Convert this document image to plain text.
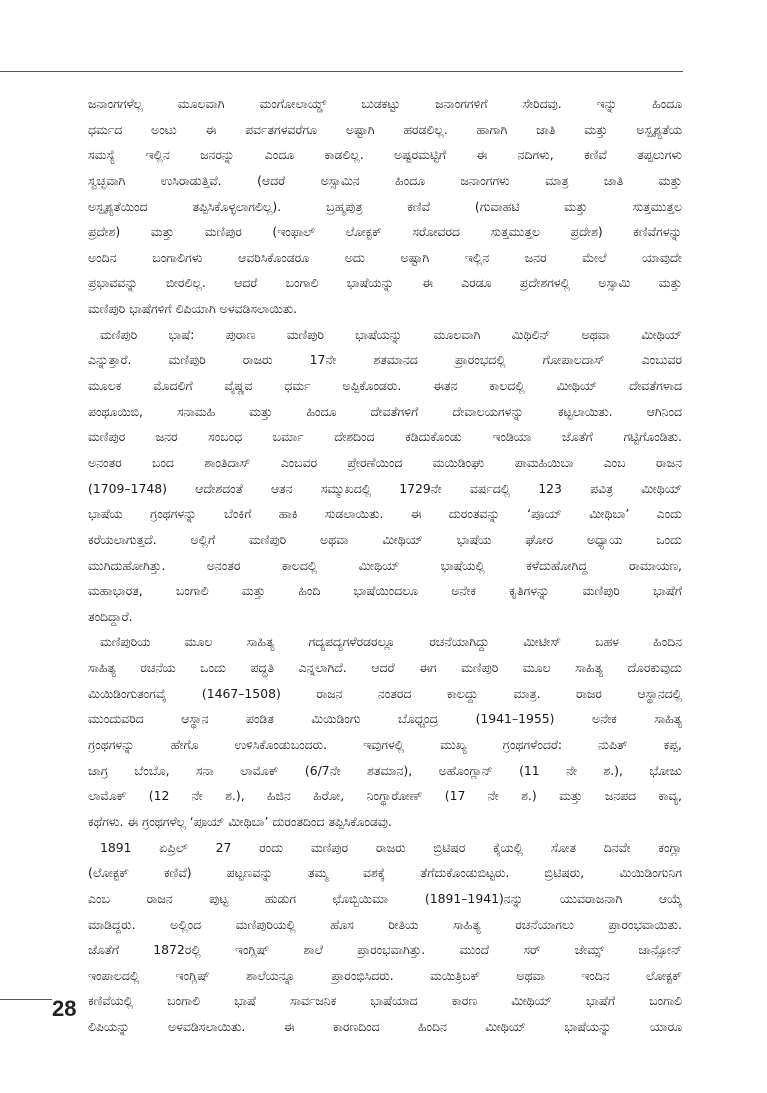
ಜನಾಂಗಗಳೆಲ್ಲ ಮೂಲವಾಗಿ ಮಂಗೋಲಾಯ್ಡ್ ಬುಡಕಟ್ಟು ಜನಾಂಗಗಳಿಗೆ ಸೇರಿದವು. ಇನ್ನು ಹಿಂದೂ
ಧರ್ಮದ ಅಂಟು ಈ ಪರ್ವತಗಳವರೆಗೂ ಅಷ್ಟಾಗಿ ಹರಡಲಿಲ್ಲ. ಹಾಗಾಗಿ ಜಾತಿ ಮತ್ತು ಅಸ್ಪೃಶ್ಯತೆಯ
ಸಮಸ್ಯೆ ಇಲ್ಲಿನ ಜನರನ್ನು ಎಂದೂ ಕಾಡಲಿಲ್ಲ. ಅಷ್ಟರಮಟ್ಟಿಗೆ ಈ ನದಿಗಳು, ಕಣಿವೆ ತಪ್ಪಲುಗಳು
ಸ್ವಚ್ಛವಾಗಿ ಉಸಿರಾಡುತ್ತಿವೆ. (ಆದರೆ ಅಸ್ಸಾಮಿನ ಹಿಂದೂ ಜನಾಂಗಗಳು ಮಾತ್ರ ಜಾತಿ ಮತ್ತು
ಅಸ್ಪೃಶ್ಯತೆಯಿಂದ ತಪ್ಪಿಸಿಕೊಳ್ಳಲಾಗಲಿಲ್ಲ). ಬ್ರಹ್ಮಪುತ್ರ ಕಣಿವೆ (ಗುವಾಹಟಿ ಮತ್ತು ಸುತ್ತಮುತ್ತಲ
ಪ್ರದೇಶ) ಮತ್ತು ಮಣಿಪುರ (ಇಂಫಾಲ್ ಲೋಕ್ಟಕ್ ಸರೋವರದ ಸುತ್ತಮುತ್ತಲ ಪ್ರದೇಶ) ಕಣಿವೆಗಳನ್ನು
ಅಂದಿನ ಬಂಗಾಲಿಗಳು ಆವರಿಸಿಕೊಂಡರೂ ಅದು ಅಷ್ಟಾಗಿ ಇಲ್ಲಿನ ಜನರ ಮೇಲೆ ಯಾವುದೇ
ಪ್ರಭಾವವನ್ನು ಬೀರಲಿಲ್ಲ. ಆದರೆ ಬಂಗಾಲಿ ಭಾಷೆಯನ್ನು ಈ ಎರಡೂ ಪ್ರದೇಶಗಳಲ್ಲಿ ಅಸ್ಸಾಮಿ ಮತ್ತು
ಮಣಿಪುರಿ ಭಾಷೆಗಳಿಗೆ ಲಿಪಿಯಾಗಿ ಅಳವಡಿಸಲಾಯಿತು.
ಮಣಿಪುರಿ ಭಾಷೆ: ಪುರಾಣ ಮಣಿಪುರಿ ಭಾಷೆಯನ್ನು ಮೂಲವಾಗಿ ಮಿಥಿಲಿನ್ ಅಥವಾ ಮೀಥಿಯ್
ಎನ್ನುತ್ತಾರೆ. ಮಣಿಪುರಿ ರಾಜರು 17ನೇ ಶತಮಾನದ ಪ್ರಾರಂಭದಲ್ಲಿ ಗೋಪಾಲದಾಸ್ ಎಂಬುವರ
ಮೂಲಕ ಮೊದಲಿಗೆ ವೈಷ್ಣವ ಧರ್ಮ ಅಪ್ಪಿಕೊಂಡರು. ಈತನ ಕಾಲದಲ್ಲಿ ಮೀಥಿಯ್ ದೇವತೆಗಳಾದ
ಪಂಥೂಯಿಬಿ, ಸನಾಮಹಿ ಮತ್ತು ಹಿಂದೂ ದೇವತೆಗಳಿಗೆ ದೇವಾಲಯಗಳನ್ನು ಕಟ್ಟಲಾಯಿತು. ಆಗಿನಿಂದ
ಮಣಿಪುರ ಜನರ ಸಂಬಂಧ ಬರ್ಮಾ ದೇಶದಿಂದ ಕಡಿದುಕೊಂಡು ಇಂಡಿಯಾ ಜೊತೆಗೆ ಗಟ್ಟಿಗೊಂಡಿತು.
ಅನಂತರ ಬಂದ ಶಾಂತಿದಾಸ್ ಎಂಬವರ ಪ್ರೇರಣೆಯಿಂದ ಮಯಿಡಿಂಘು ಪಾಮಹಿಯಿಬಾ ಎಂಬ ರಾಜನ
(1709–1748) ಆದೇಶದಂತೆ ಆತನ ಸಮ್ಮುಖದಲ್ಲಿ 1729ನೇ ವರ್ಷದಲ್ಲಿ 123 ಪವಿತ್ರ ಮೀಥಿಯ್
ಭಾಷೆಯ ಗ್ರಂಥಗಳನ್ನು ಬೆಂಕಿಗೆ ಹಾಕಿ ಸುಡಲಾಯಿತು. ಈ ದುರಂತವನ್ನು ‘ಪೂಯ್ ಮೀಥಿಬಾ’ ಎಂದು
ಕರೆಯಲಾಗುತ್ತದೆ. ಅಲ್ಲಿಗೆ ಮಣಿಪುರಿ ಅಥವಾ ಮೀಥಿಯ್ ಭಾಷೆಯ ಘೋರ ಅಧ್ಯಾಯ ಒಂದು
ಮುಗಿದುಹೋಗಿತ್ತು. ಅನಂತರ ಕಾಲದಲ್ಲಿ ಮೀಥಿಯ್ ಭಾಷೆಯಲ್ಲಿ ಕಳೆದುಹೋಗಿದ್ದ ರಾಮಾಯಣ,
ಮಹಾಭಾರತ, ಬಂಗಾಲಿ ಮತ್ತು ಹಿಂದಿ ಭಾಷೆಯಿಂದಲೂ ಅನೇಕ ಕೃತಿಗಳನ್ನು ಮಣಿಪುರಿ ಭಾಷೆಗೆ
ತಂದಿದ್ದಾರೆ.
ಮಣಿಪುರಿಯ ಮೂಲ ಸಾಹಿತ್ಯ ಗದ್ಯಪದ್ಯಗಳೆರಡರಲ್ಲೂ ರಚನೆಯಾಗಿದ್ದು ಮೀಟೀಸ್ ಬಹಳ ಹಿಂದಿನ
ಸಾಹಿತ್ಯ ರಚನೆಯ ಒಂದು ಪದ್ಧತಿ ಎನ್ನಲಾಗಿದೆ. ಆದರೆ ಈಗ ಮಣಿಪುರಿ ಮೂಲ ಸಾಹಿತ್ಯ ದೊರಕುವುದು
ಮಿಯಿಡಿಂಗುತಂಗವೈ (1467–1508) ರಾಜನ ನಂತರದ ಕಾಲದ್ದು ಮಾತ್ರ. ರಾಜರ ಆಸ್ಥಾನದಲ್ಲಿ
ಮುಂದುವರಿದ ಆಸ್ಥಾನ ಪಂಡಿತ ಮಿಯಿಡಿಂಗು ಬೊಧ್ಚಂದ್ರ (1941–1955) ಅನೇಕ ಸಾಹಿತ್ಯ
ಗ್ರಂಥಗಳನ್ನು ಹೇಗೊ ಉಳಿಸಿಕೊಂಡುಬಂದರು. ಇವುಗಳಲ್ಲಿ ಮುಖ್ಯ ಗ್ರಂಥಗಳೆಂದರೆ: ನುಪಿತ್ ಕಪ್ಪ,
ಜಾಗ್ರ ಬೆಂಬೊ, ಸನಾ ಲಾಮೊಕ್ (6/7ನೇ ಶತಮಾನ), ಅಹೊಂಗ್ಲಾನ್ (11 ನೇ ಶ.), ಭೋಜು
ಲಾಮೊಕ್ (12 ನೇ ಶ.), ಹಿಜಿನ ಹಿರೋ, ನಿಂಗ್ಥಾರೋಣ್ (17 ನೇ ಶ.) ಮತ್ತು ಜನಪದ ಕಾವ್ಯ,
ಕಥೆಗಳು. ಈ ಗ್ರಂಥಗಳೆಲ್ಲ ‘ಪೂಯ್ ಮೀಥಿಬಾ’ ದುರಂತದಿಂದ ತಪ್ಪಿಸಿಕೊಂಡವು.
1891 ಏಪ್ರಿಲ್ 27 ರಂದು ಮಣಿಪುರ ರಾಜರು ಬ್ರಿಟಿಷರ ಕೈಯಲ್ಲಿ ಸೋತ ದಿನವೇ ಕಂಗ್ಲಾ
(ಲೋಕ್ಟಕ್ ಕಣಿವೆ) ಪಟ್ಟಣವನ್ನು ತಮ್ಮ ವಶಕ್ಕೆ ತೆಗೆದುಕೊಂಡುಬಿಟ್ಟರು. ಬ್ರಿಟಿಷರು, ಮಿಯಿಡಿಂಗುನಿಗ
ಎಂಬ ರಾಜನ ಪುಟ್ಟ ಹುಡುಗ ಛೊಬ್ಬಿಯಿಮಾ (1891–1941)ನನ್ನು ಯುವರಾಜನಾಗಿ ಆಯ್ಕೆ
ಮಾಡಿದ್ದರು. ಅಲ್ಲಿಂದ ಮಣಿಪುರಿಯಲ್ಲಿ ಹೊಸ ರೀತಿಯ ಸಾಹಿತ್ಯ ರಚನೆಯಾಗಲು ಪ್ರಾರಂಭವಾಯಿತು.
ಜೊತೆಗೆ 1872ರಲ್ಲಿ ಇಂಗ್ಲಿಷ್ ಶಾಲೆ ಪ್ರಾರಂಭವಾಗಿತ್ತು. ಮುಂದೆ ಸರ್ ಜೇಮ್ಸ್ ಜಾನ್ಸೋನ್
ಇಂಪಾಲದಲ್ಲಿ ಇಂಗ್ಲಿಷ್ ಶಾಲೆಯನ್ನೂ ಪ್ರಾರಂಭಿಸಿದರು. ಮಯಿತ್ರಿಬಕ್ ಅಥವಾ ಇಂದಿನ ಲೋಕ್ಟಕ್
ಕಣಿವೆಯಲ್ಲಿ ಬಂಗಾಲಿ ಭಾಷೆ ಸಾರ್ವಜನಿಕ ಭಾಷೆಯಾದ ಕಾರಣ ಮೀಥಿಯ್ ಭಾಷೆಗೆ ಬಂಗಾಲಿ
ಲಿಪಿಯನ್ನು ಅಳವಡಿಸಲಾಯಿತು. ಈ ಕಾರಣದಿಂದ ಹಿಂದಿನ ಮೀಥಿಯ್ ಭಾಷೆಯನ್ನು ಯಾರೂ
28
